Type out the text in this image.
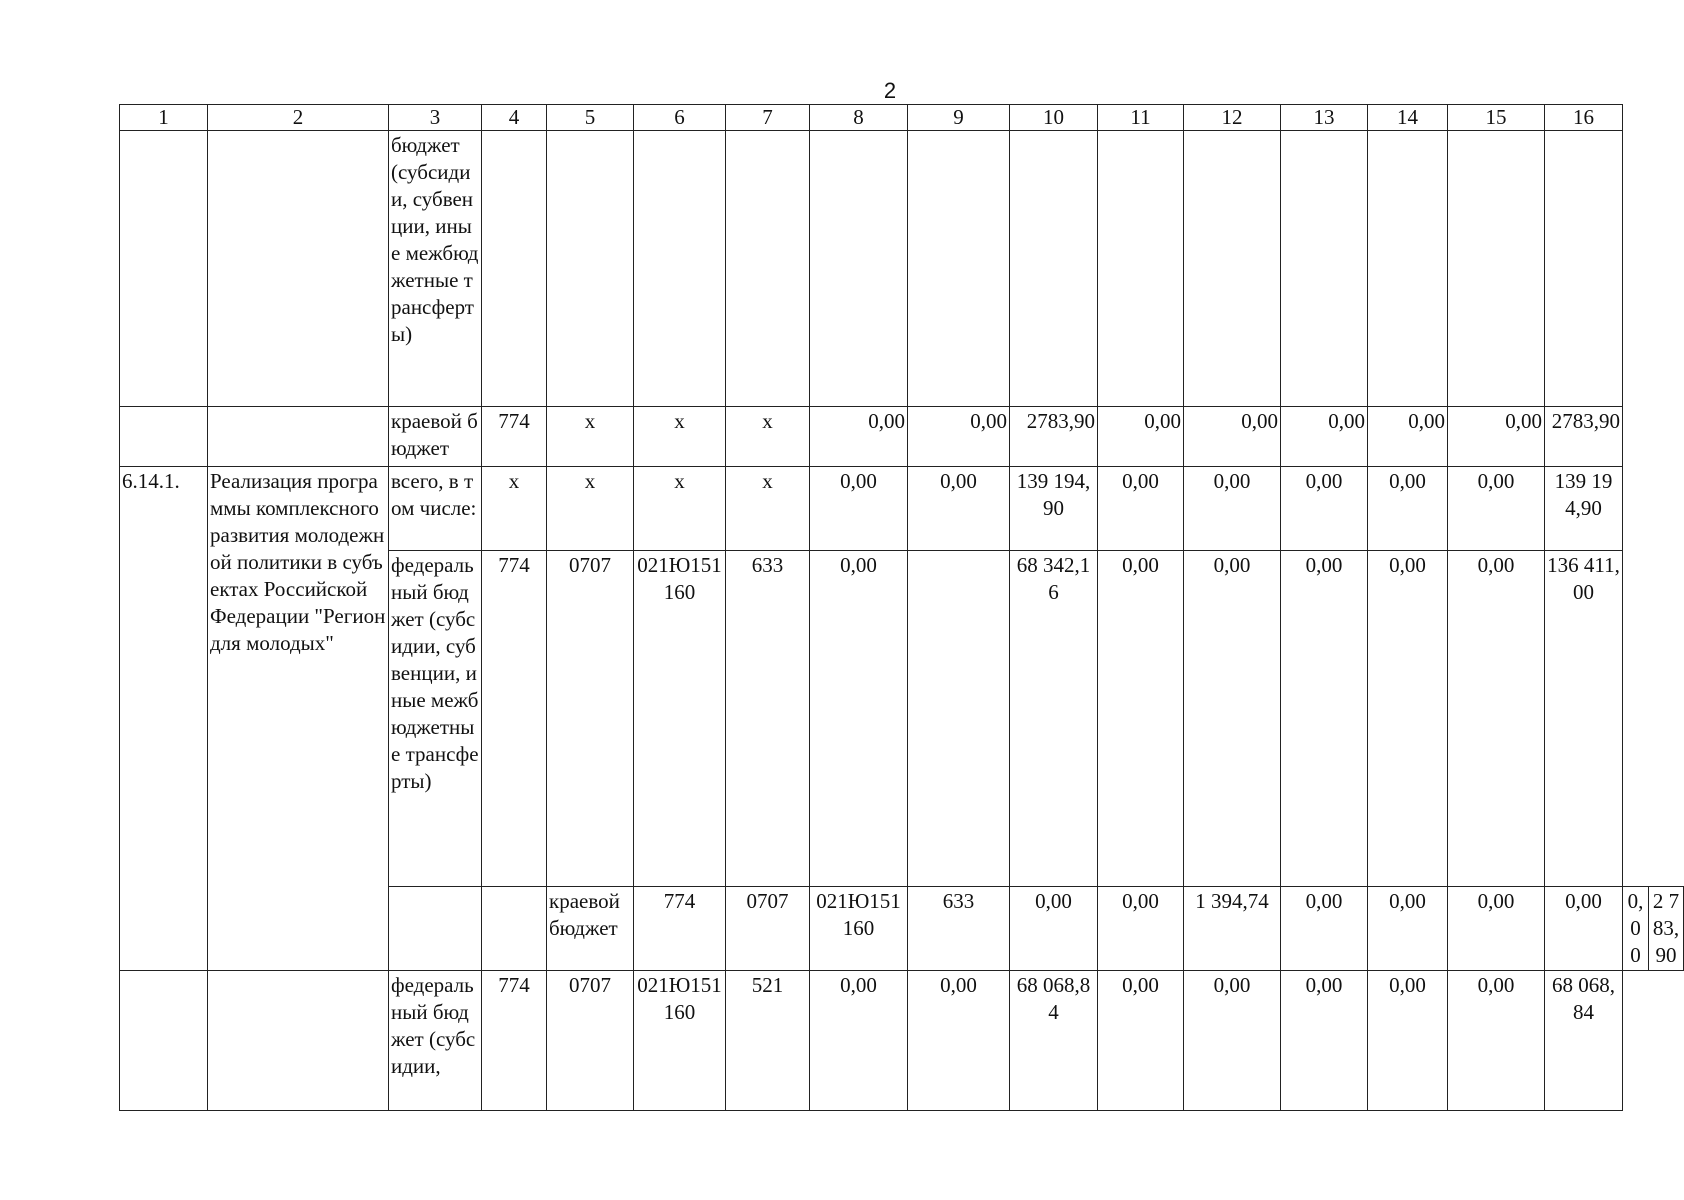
2
1	2	3	4	5	6	7	8	9	10	11	12	13	14	15	16		
		бюджет (субсидии, субвенции, иные межбюджетные трансферты)															
		краевой бюджет	774	x	x	x	0,00	0,00	2783,90	0,00	0,00	0,00	0,00	0,00	2783,90		
6.14.1.	Реализация программы комплексного развития молодежной политики в субъектах Российской Федерации "Регион для молодых"	всего, в том числе:	x	x	x	x	0,00	0,00	139 194,90	0,00	0,00	0,00	0,00	0,00	139 194,90		
		федеральный бюджет (субсидии, субвенции, иные межбюджетные трансферты)	774	0707	021Ю151160	633	0,00		68 342,16	0,00	0,00	0,00	0,00	0,00	136 411,00		
				краевой бюджет	774	0707	021Ю151160	633	0,00	0,00	1 394,74	0,00	0,00	0,00	0,00	0,00	2 783,90
		федеральный бюджет (субсидии,	774	0707	021Ю151160	521	0,00	0,00	68 068,84	0,00	0,00	0,00	0,00	0,00	68 068,84		
